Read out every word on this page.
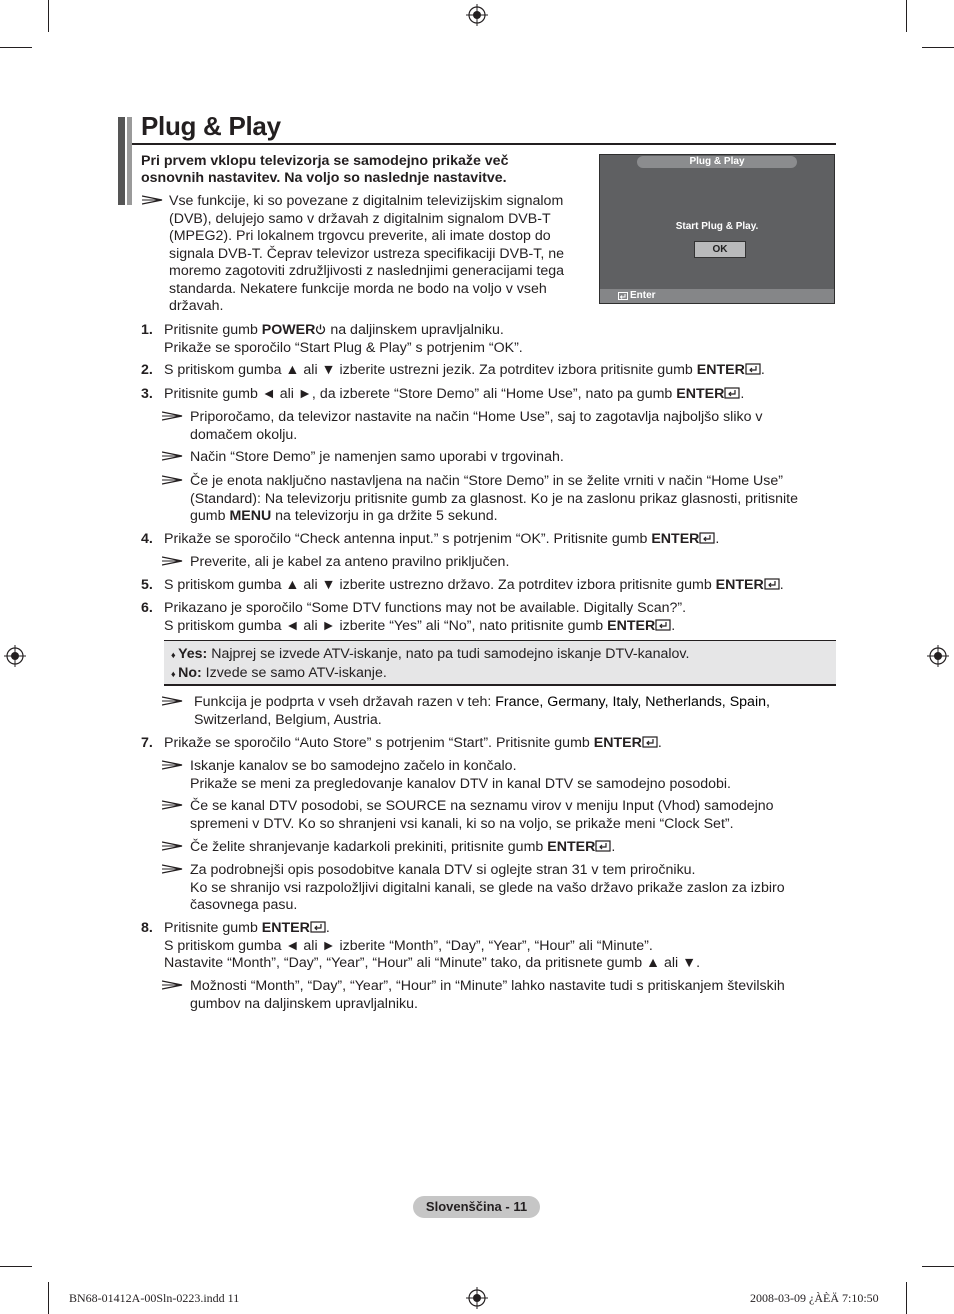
Plug & Play
Pri prvem vklopu televizorja se samodejno prikaže več
osnovnih nastavitev. Na voljo so naslednje nastavitve.
Vse funkcije, ki so povezane z digitalnim televizijskim signalom
(DVB), delujejo samo v državah z digitalnim signalom DVB-T
(MPEG2). Pri lokalnem trgovcu preverite, ali imate dostop do
signala DVB-T. Čeprav televizor ustreza specifikaciji DVB-T, ne
moremo zagotoviti združljivosti z naslednjimi generacijami tega
standarda. Nekatere funkcije morda ne bodo na voljo v vseh
državah.
Plug & Play
Start Plug & Play.
OK
Enter
1. Pritisnite gumb POWER na daljinskem upravljalniku.
Prikaže se sporočilo “Start Plug & Play” s potrjenim “OK”.
2. S pritiskom gumba ▲ ali ▼ izberite ustrezni jezik. Za potrditev izbora pritisnite gumb ENTER .
3. Pritisnite gumb ◄ ali ►, da izberete “Store Demo” ali “Home Use”, nato pa gumb ENTER .
Priporočamo, da televizor nastavite na način “Home Use”, saj to zagotavlja najboljšo sliko v
domačem okolju.
Način “Store Demo” je namenjen samo uporabi v trgovinah.
Če je enota naključno nastavljena na način “Store Demo” in se želite vrniti v način “Home Use”
(Standard): Na televizorju pritisnite gumb za glasnost. Ko je na zaslonu prikaz glasnosti, pritisnite
gumb MENU na televizorju in ga držite 5 sekund.
4. Prikaže se sporočilo “Check antenna input.” s potrjenim “OK”. Pritisnite gumb ENTER .
Preverite, ali je kabel za anteno pravilno priključen.
5. S pritiskom gumba ▲ ali ▼ izberite ustrezno državo. Za potrditev izbora pritisnite gumb ENTER .
6. Prikazano je sporočilo “Some DTV functions may not be available. Digitally Scan?”.
S pritiskom gumba ◄ ali ► izberite “Yes” ali “No”, nato pritisnite gumb ENTER .
♦ Yes: Najprej se izvede ATV-iskanje, nato pa tudi samodejno iskanje DTV-kanalov.
♦ No: Izvede se samo ATV-iskanje.
Funkcija je podprta v vseh državah razen v teh: France, Germany, Italy, Netherlands, Spain,
Switzerland, Belgium, Austria.
7. Prikaže se sporočilo “Auto Store” s potrjenim “Start”. Pritisnite gumb ENTER .
Iskanje kanalov se bo samodejno začelo in končalo.
Prikaže se meni za pregledovanje kanalov DTV in kanal DTV se samodejno posodobi.
Če se kanal DTV posodobi, se SOURCE na seznamu virov v meniju Input (Vhod) samodejno
spremeni v DTV. Ko so shranjeni vsi kanali, ki so na voljo, se prikaže meni “Clock Set”.
Če želite shranjevanje kadarkoli prekiniti, pritisnite gumb ENTER .
Za podrobnejši opis posodobitve kanala DTV si oglejte stran 31 v tem priročniku.
Ko se shranijo vsi razpoložljivi digitalni kanali, se glede na vašo državo prikaže zaslon za izbiro
časovnega pasu.
8. Pritisnite gumb ENTER .
S pritiskom gumba ◄ ali ► izberite “Month”, “Day”, “Year”, “Hour” ali “Minute”.
Nastavite “Month”, “Day”, “Year”, “Hour” ali “Minute” tako, da pritisnete gumb ▲ ali ▼.
Možnosti “Month”, “Day”, “Year”, “Hour” in “Minute” lahko nastavite tudi s pritiskanjem številskih
gumbov na daljinskem upravljalniku.
Slovenščina - 11
BN68-01412A-00Sln-0223.indd 11	2008-03-09 ¿ÀÈÄ 7:10:50
